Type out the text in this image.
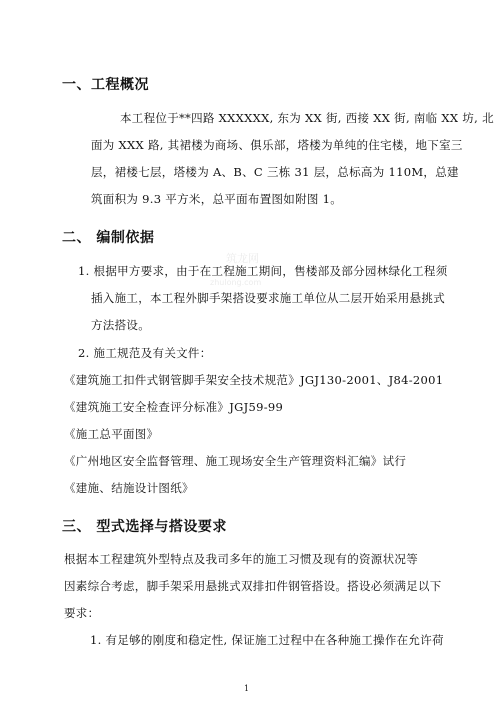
筑龙网
zhulong.com
一、工程概况
本工程位于**四路 XXXXXX, 东为 XX 街, 西接 XX 街, 南临 XX 坊, 北
面为 XXX 路, 其裙楼为商场、俱乐部，塔楼为单纯的住宅楼，地下室三
层，裙楼七层，塔楼为 A、B、C 三栋 31 层，总标高为 110M，总建
筑面积为 9.3 平方米，总平面布置图如附图 1。
二、 编制依据
1. 根据甲方要求，由于在工程施工期间，售楼部及部分园林绿化工程须
插入施工，本工程外脚手架搭设要求施工单位从二层开始采用悬挑式
方法搭设。
2. 施工规范及有关文件：
《建筑施工扣件式钢管脚手架安全技术规范》JGJ130-2001、J84-2001
《建筑施工安全检查评分标准》JGJ59-99
《施工总平面图》
《广州地区安全监督管理、施工现场安全生产管理资料汇编》试行
《建施、结施设计图纸》
三、 型式选择与搭设要求
根据本工程建筑外型特点及我司多年的施工习惯及现有的资源状况等
因素综合考虑，脚手架采用悬挑式双排扣件钢管搭设。搭设必须满足以下
要求：
1. 有足够的刚度和稳定性, 保证施工过程中在各种施工操作在允许荷
1
